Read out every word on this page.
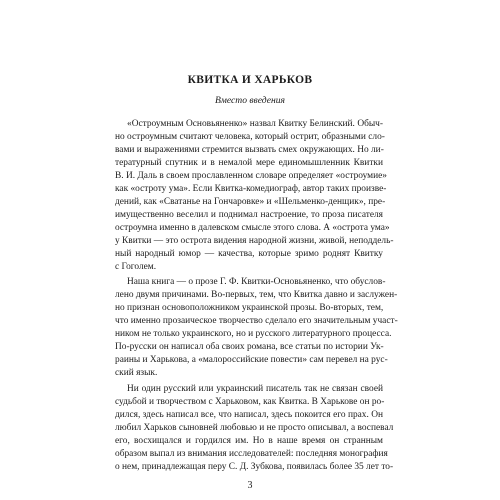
КВИТКА И ХАРЬКОВ
Вместо введения
«Остроумным Основьяненко» назвал Квитку Белинский. Обыч-
но остроумным считают человека, который острит, образными сло-
вами и выражениями стремится вызвать смех окружающих. Но ли-
тературный спутник и в немалой мере единомышленник Квитки
В. И. Даль в своем прославленном словаре определяет «остроумие»
как «остроту ума». Если Квитка-комедиограф, автор таких произве-
дений, как «Сватанье на Гончаровке» и «Шельменко-денщик», пре-
имущественно веселил и поднимал настроение, то проза писателя
остроумна именно в далевском смысле этого слова. А «острота ума»
у Квитки — это острота видения народной жизни, живой, неподдель-
ный народный юмор — качества, которые зримо роднят Квитку
с Гоголем.
Наша книга — о прозе Г. Ф. Квитки-Основьяненко, что обуслов-
лено двумя причинами. Во-первых, тем, что Квитка давно и заслужен-
но признан основоположником украинской прозы. Во-вторых, тем,
что именно прозаическое творчество сделало его значительным участ-
ником не только украинского, но и русского литературного процесса.
По-русски он написал оба своих романа, все статьи по истории Ук-
раины и Харькова, а «малороссийские повести» сам перевел на рус-
ский язык.
Ни один русский или украинский писатель так не связан своей
судьбой и творчеством с Харьковом, как Квитка. В Харькове он ро-
дился, здесь написал все, что написал, здесь покоится его прах. Он
любил Харьков сыновней любовью и не просто описывал, а воспевал
его, восхищался и гордился им. Но в наше время он странным
образом выпал из внимания исследователей: последняя монография
о нем, принадлежащая перу С. Д. Зубкова, появилась более 35 лет то-
3
